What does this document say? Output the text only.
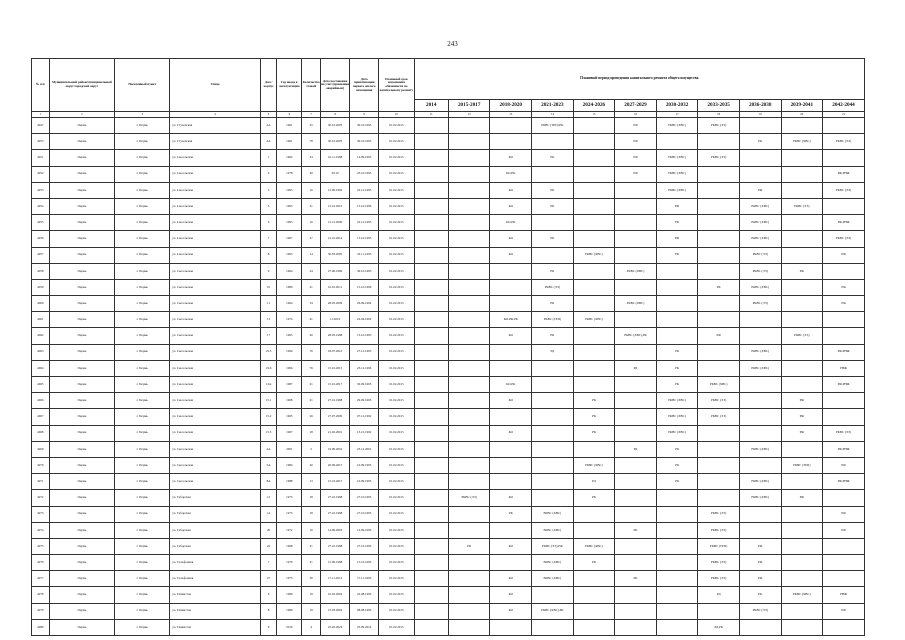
243
№ п/п	Муниципальный район/муниципальный округ/городской округ	Населенный пункт	Улица	Дом / корпус	Год ввода в эксплуатацию	Количество этажей	Дата постановки на учет (признания аварийным)	Дата приватизации первого жилого помещения	Плановый срок исполнения обязанности по капитальному ремонту	Плановый период проведения капитального ремонта общего имущества										
										2014	2015-2017	2018-2020	2021-2023	2024-2026	2027-2029	2030-2032	2033-2035	2036-2038	2039-2041	2042-2044
1	2	3	4	5	6	7	8	9	10	11	12	13	14	15	16	17	18	19	20	21
4047	Пермь	г. Пермь	ул. Стуловская	4А	1961	25	30.10.2005	30.10.1995	01.02.2015				РКВС (ТЕП),РК		РФ	РКВС (ХВС)	РКВС (ЭЭ)			
4053	Пермь	г. Пермь	ул. Стуловская	6А	1961	78	30.10.2005	30.10.1993	01.02.2015						РФ			РК	РКВС (ХВС)	РКВС (ЭЭ)
4051	Пермь	г. Пермь	ул. Сысольская	1	1962	34	16.11.1998	14.09.1993	01.02.2015			КО	РК		РФ	РКВС (ХВС)	РКВС (ЭЭ)			
4052	Пермь	г. Пермь	ул. Сысольская	2	1978	49	29.10	23.10.1995	01.02.2015			КО,РК			РФ	РКВС (ХВС)				РФ,РНЖ
4053	Пермь	г. Пермь	ул. Сысольская	3	1965	16	15.09.1992	22.12.1993	01.02.2015			КО	РК			РКВС (ХВС)		РФ		РКВС (ЭЭ)
4054	Пермь	г. Пермь	ул. Сысольская	5	1963	31	15.10.2010	15.10.1996	01.02.2015			КО	РК			РФ		РКВС (ХВС)	РКВС (ЭЭ)	
4055	Пермь	г. Пермь	ул. Сысольская	6	1995	16	15.12.2000	22.12.1995	01.02.2015			КО,РК				РК		РКВС (ХВС)		РФ,РНЖ
4056	Пермь	г. Пермь	ул. Сысольская	7	1967	27	12.10.2014	13.10.1995	01.02.2015			КО	РК			РФ		РКВС (ХВС)		РКВС (ЭЭ)
4057	Пермь	г. Пермь	ул. Сысольская	8	1963	14	30.03.2005	22.11.1995	01.02.2015			КО		РКВС (ХВС)		РК		РКВС (ЭЭ)		РФ
4058	Пермь	г. Пермь	ул. Сысольская	9	1964	24	27.06.1999	30.10.1995	01.02.2015				РК		РКВС (ХВС)			РКВС (ЭЭ)	РФ	
4059	Пермь	г. Пермь	ул. Сысольская	10	1989	21	01.10.2011	15.10.1996	01.02.2015				РКВС (ЭЭ)				РК	РКВС (ХВС)		РФ
4060	Пермь	г. Пермь	ул. Сысольская	11	1964	34	28.05.2009	26.09.1994	01.02.2015				РК		РКВС (ХВС)			РКВС (ЭЭ)		РФ
4061	Пермь	г. Пермь	ул. Сысольская	13	1974	41	11.2010	22.04.1992	01.02.2015			КО,РФ,РК	РКВС (ТЕП)	РКВС (ХВС)						
4062	Пермь	г. Пермь	ул. Сысольская	17	1965	26	28.05.1998	13.10.1993	01.02.2015			КО	РК		РКВС (ХВС),РК		РФ		РКВС (ЭЭ)	
4063	Пермь	г. Пермь	ул. Сысольская	19.5	1990	76	03.07.2010	27.12.1995	01.02.2015				РД			РК		РКВС (ХВС)		РФ,РНЖ
4064	Пермь	г. Пермь	ул. Сысольская	19.6	1996	76	15.10.2015	23.12.1996	01.02.2015						РД	РК		РКВС (ХВС)		РНЖ
4065	Пермь	г. Пермь	ул. Сысольская	13А	1987	21	15.10.2017	30.09.1995	01.02.2015			КО,РК				РК	РКВС (ХВС)			РФ,РНЖ
4066	Пермь	г. Пермь	ул. Сысольская	15.1	1968	21	27.10.1998	29.09.1993	01.02.2015			КО		РК		РКВС (ХВС)	РКВС (ЭЭ)		РФ	
4067	Пермь	г. Пермь	ул. Сысольская	15.2	1965	26	27.07.2000	07.12.1992	01.02.2015					РК		РКВС (ХВС)	РКВС (ЭЭ)		РФ	
4068	Пермь	г. Пермь	ул. Сысольская	15.3	1967	18	21.02.2001	13.10.1992	01.02.2015			КО		РК		РКВС (ХВС)			РФ	РКВС (ЭЭ)
4069	Пермь	г. Пермь	ул. Сысольская	4А	2001	5	19.09.2001	23.12.2001	01.02.2015						РД	РК		РКВС (ХВС)		РФ,РНЖ
4070	Пермь	г. Пермь	ул. Сысольская	5А	1984	20	20.09.2015	10.09.1993	01.02.2015					РКВС (ХВС)		РК			РКВС (ТЕП)	РФ
4071	Пермь	г. Пермь	ул. Сысольская	8А	1988	13	15.10.2015	10.09.1993	01.02.2015					РД		РК		РКВС (ХВС)		РФ,РНЖ
4072	Пермь	г. Пермь	ул. Таборская	12	1973	18	27.10.1998	27.10.1993	01.02.2015		РКВС (ЭЭ)	КО		РК				РКВС (ХВС)	РФ	
4073	Пермь	г. Пермь	ул. Таборская	14	1973	18	27.10.1998	27.10.1993	01.02.2015			РК	РКВС (ХВС)				РКВС (ЭЭ)			РФ
4074	Пермь	г. Пермь	ул. Таборская	20	1972	16	12.09.2003	12.09.1993	01.02.2015				РКВС (ХВС)		РК		РКВС (ЭЭ)			РФ
4075	Пермь	г. Пермь	ул. Таборская	22	1968	21	27.10.1998	27.10.1993	01.02.2015		РК	КО	РКВС (ЭЭ),РФ	РКВС (ХВС)			РКВС (ТЕП)	РФ		
4076	Пермь	г. Пермь	ул. Телефонная	7	1979	21	15.09.1998	15.10.1993	01.02.2015				РКВС (ХВС)	РК			РКВС (ЭЭ)	РФ		
4077	Пермь	г. Пермь	ул. Телефонная	27	1973	30	17.11.2012	17.11.1993	01.02.2015			КО	РКВС (ХВС)		РК		РКВС (ЭЭ)	РФ		
4078	Пермь	г. Пермь	ул. Танкистов	6	1980	19	10.03.2002	22.08.1993	01.02.2015			КО					РД	РК	РКВС (ХВС)	РНЖ
4079	Пермь	г. Пермь	ул. Танкистов	8	1989	19	15.03.2002	08.08.1993	01.02.2015			КО	РКВС (ХВС),РК					РКВС (ЭЭ)		РФ
4080	Пермь	г. Пермь	ул. Танкистов	9	2010	4	25.02.2022	25.09.2014	01.02.2015								РД,РК			
